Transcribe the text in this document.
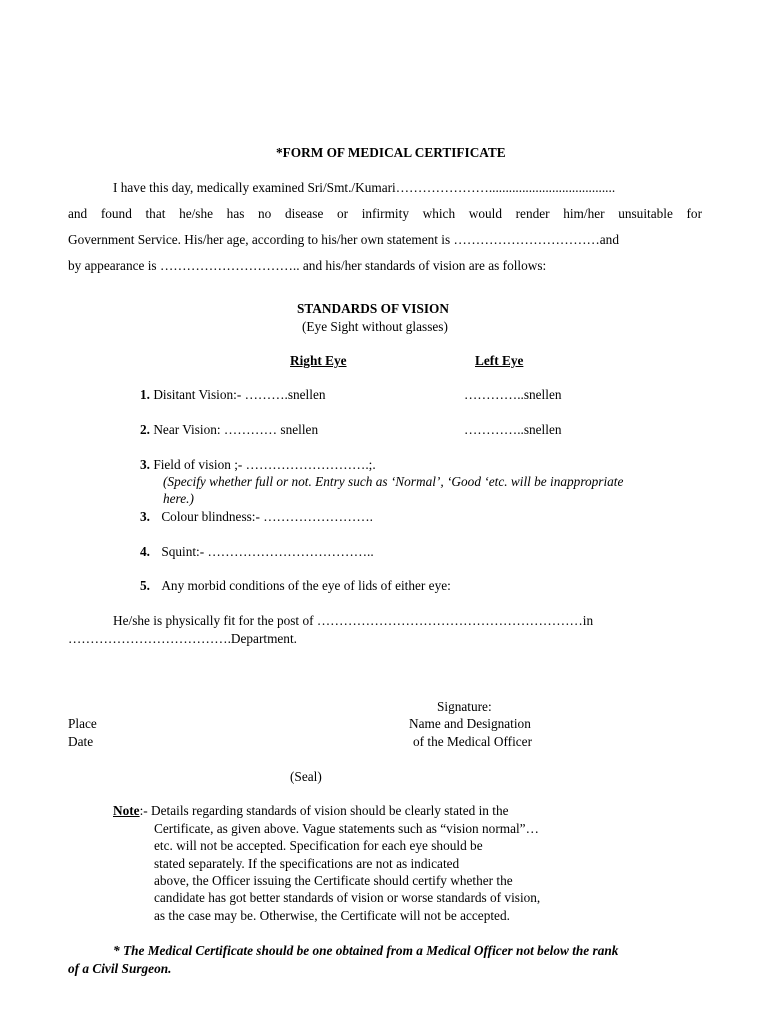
*FORM OF MEDICAL CERTIFICATE
I have this day, medically examined Sri/Smt./Kumari…………………......................................
and found that he/she has no disease or infirmity which would render him/her unsuitable for
Government Service. His/her age, according to his/her own statement is ……………………………and
by appearance is ………………………….. and his/her standards of vision are as follows:
STANDARDS OF VISION
(Eye Sight without glasses)
Right Eye	Left Eye
1. Disitant Vision:- ……….snellen	…………..snellen
2. Near Vision: ………… snellen	…………..snellen
3. Field of vision ;- ……………………….;.
(Specify whether full or not. Entry such as ‘Normal’, ‘Good ‘etc. will be inappropriate
here.)
3. Colour blindness:- …………………….
4. Squint:- ………………………………..
5. Any morbid conditions of the eye of lids of either eye:
He/she is physically fit for the post of ……………………………………………………in
……………………………….Department.
Signature:
Place	Name and Designation
Date	of the Medical Officer
(Seal)
Note:- Details regarding standards of vision should be clearly stated in the
Certificate, as given above. Vague statements such as “vision normal”…
etc. will not be accepted. Specification for each eye should be
stated separately. If the specifications are not as indicated
above, the Officer issuing the Certificate should certify whether the
candidate has got better standards of vision or worse standards of vision,
as the case may be. Otherwise, the Certificate will not be accepted.
* The Medical Certificate should be one obtained from a Medical Officer not below the rank
of a Civil Surgeon.
